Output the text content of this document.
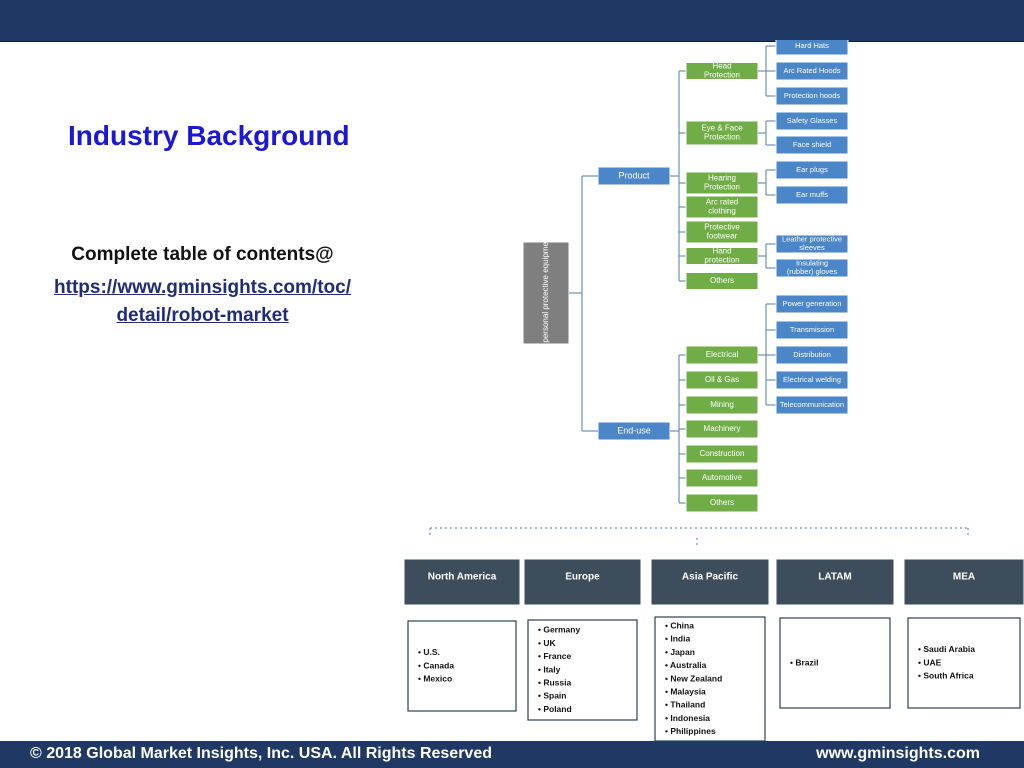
Industry Background
Complete table of contents@
https://www.gminsights.com/toc/
detail/robot-market	Electrical safety personal protective equipment (PPE) market
Product
End-use
Head
Protection
Eye & Face
Protection
Hearing
Protection
Arc rated
clothing
Protective
footwear
Hand
protection
Others
Hard Hats
Arc Rated Hoods
Protection hoods
Safety Glasses
Face shield
Ear plugs
Ear muffs
Leather protective
sleeves
Insulating
(rubber) gloves
Electrical
Oil & Gas
Mining
Machinery
Construction
Automotive
Others
Power generation
Transmission
Distribution
Electrical welding
Telecommunication
North America
• U.S.
• Canada
• Mexico
Europe
• Germany
• UK
• France
• Italy
• Russia
• Spain
• Poland
Asia Pacific
• China
• India
• Japan
• Australia
• New Zealand
• Malaysia
• Thailand
• Indonesia
• Philippines
LATAM
• Brazil
MEA
• Saudi Arabia
• UAE
• South Africa
© 2018 Global Market Insights, Inc. USA. All Rights Reserved	www.gminsights.com
